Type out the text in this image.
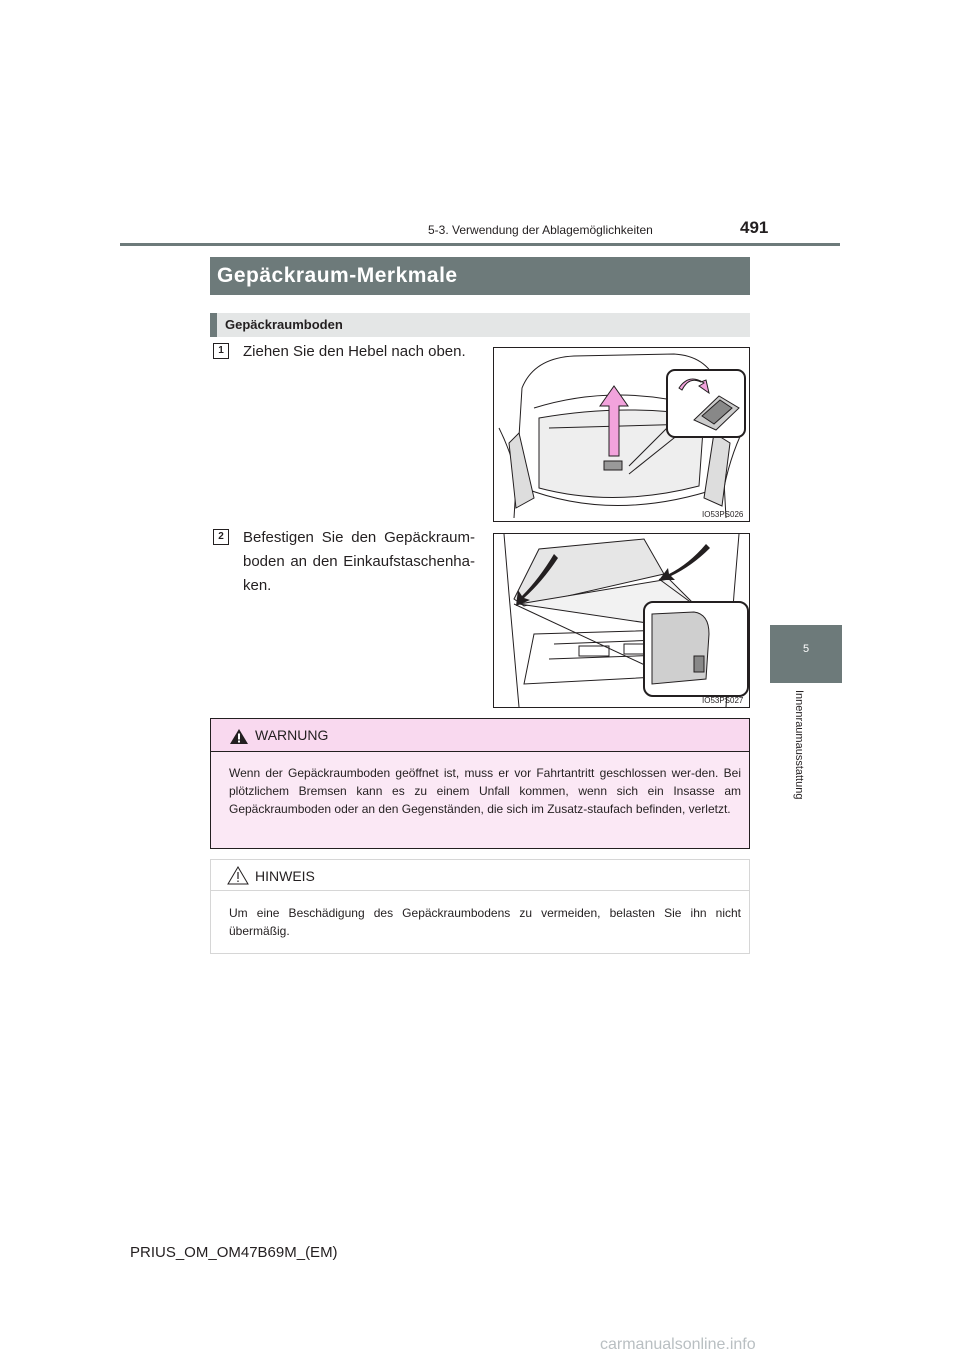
491
5-3. Verwendung der Ablagemöglichkeiten
5
Innenraumausstattung
Gepäckraum-Merkmale
Gepäckraumboden
1	Ziehen Sie den Hebel nach oben.
IO53PS026
2	Befestigen Sie den Gepäckraum-boden an den Einkaufstaschenha-ken.
IO53PS027
WARNUNG
Wenn der Gepäckraumboden geöffnet ist, muss er vor Fahrtantritt geschlossen wer-den. Bei plötzlichem Bremsen kann es zu einem Unfall kommen, wenn sich ein Insasse am Gepäckraumboden oder an den Gegenständen, die sich im Zusatz-staufach befinden, verletzt.
HINWEIS
Um eine Beschädigung des Gepäckraumbodens zu vermeiden, belasten Sie ihn nicht übermäßig.
PRIUS_OM_OM47B69M_(EM)
carmanualsonline.info
